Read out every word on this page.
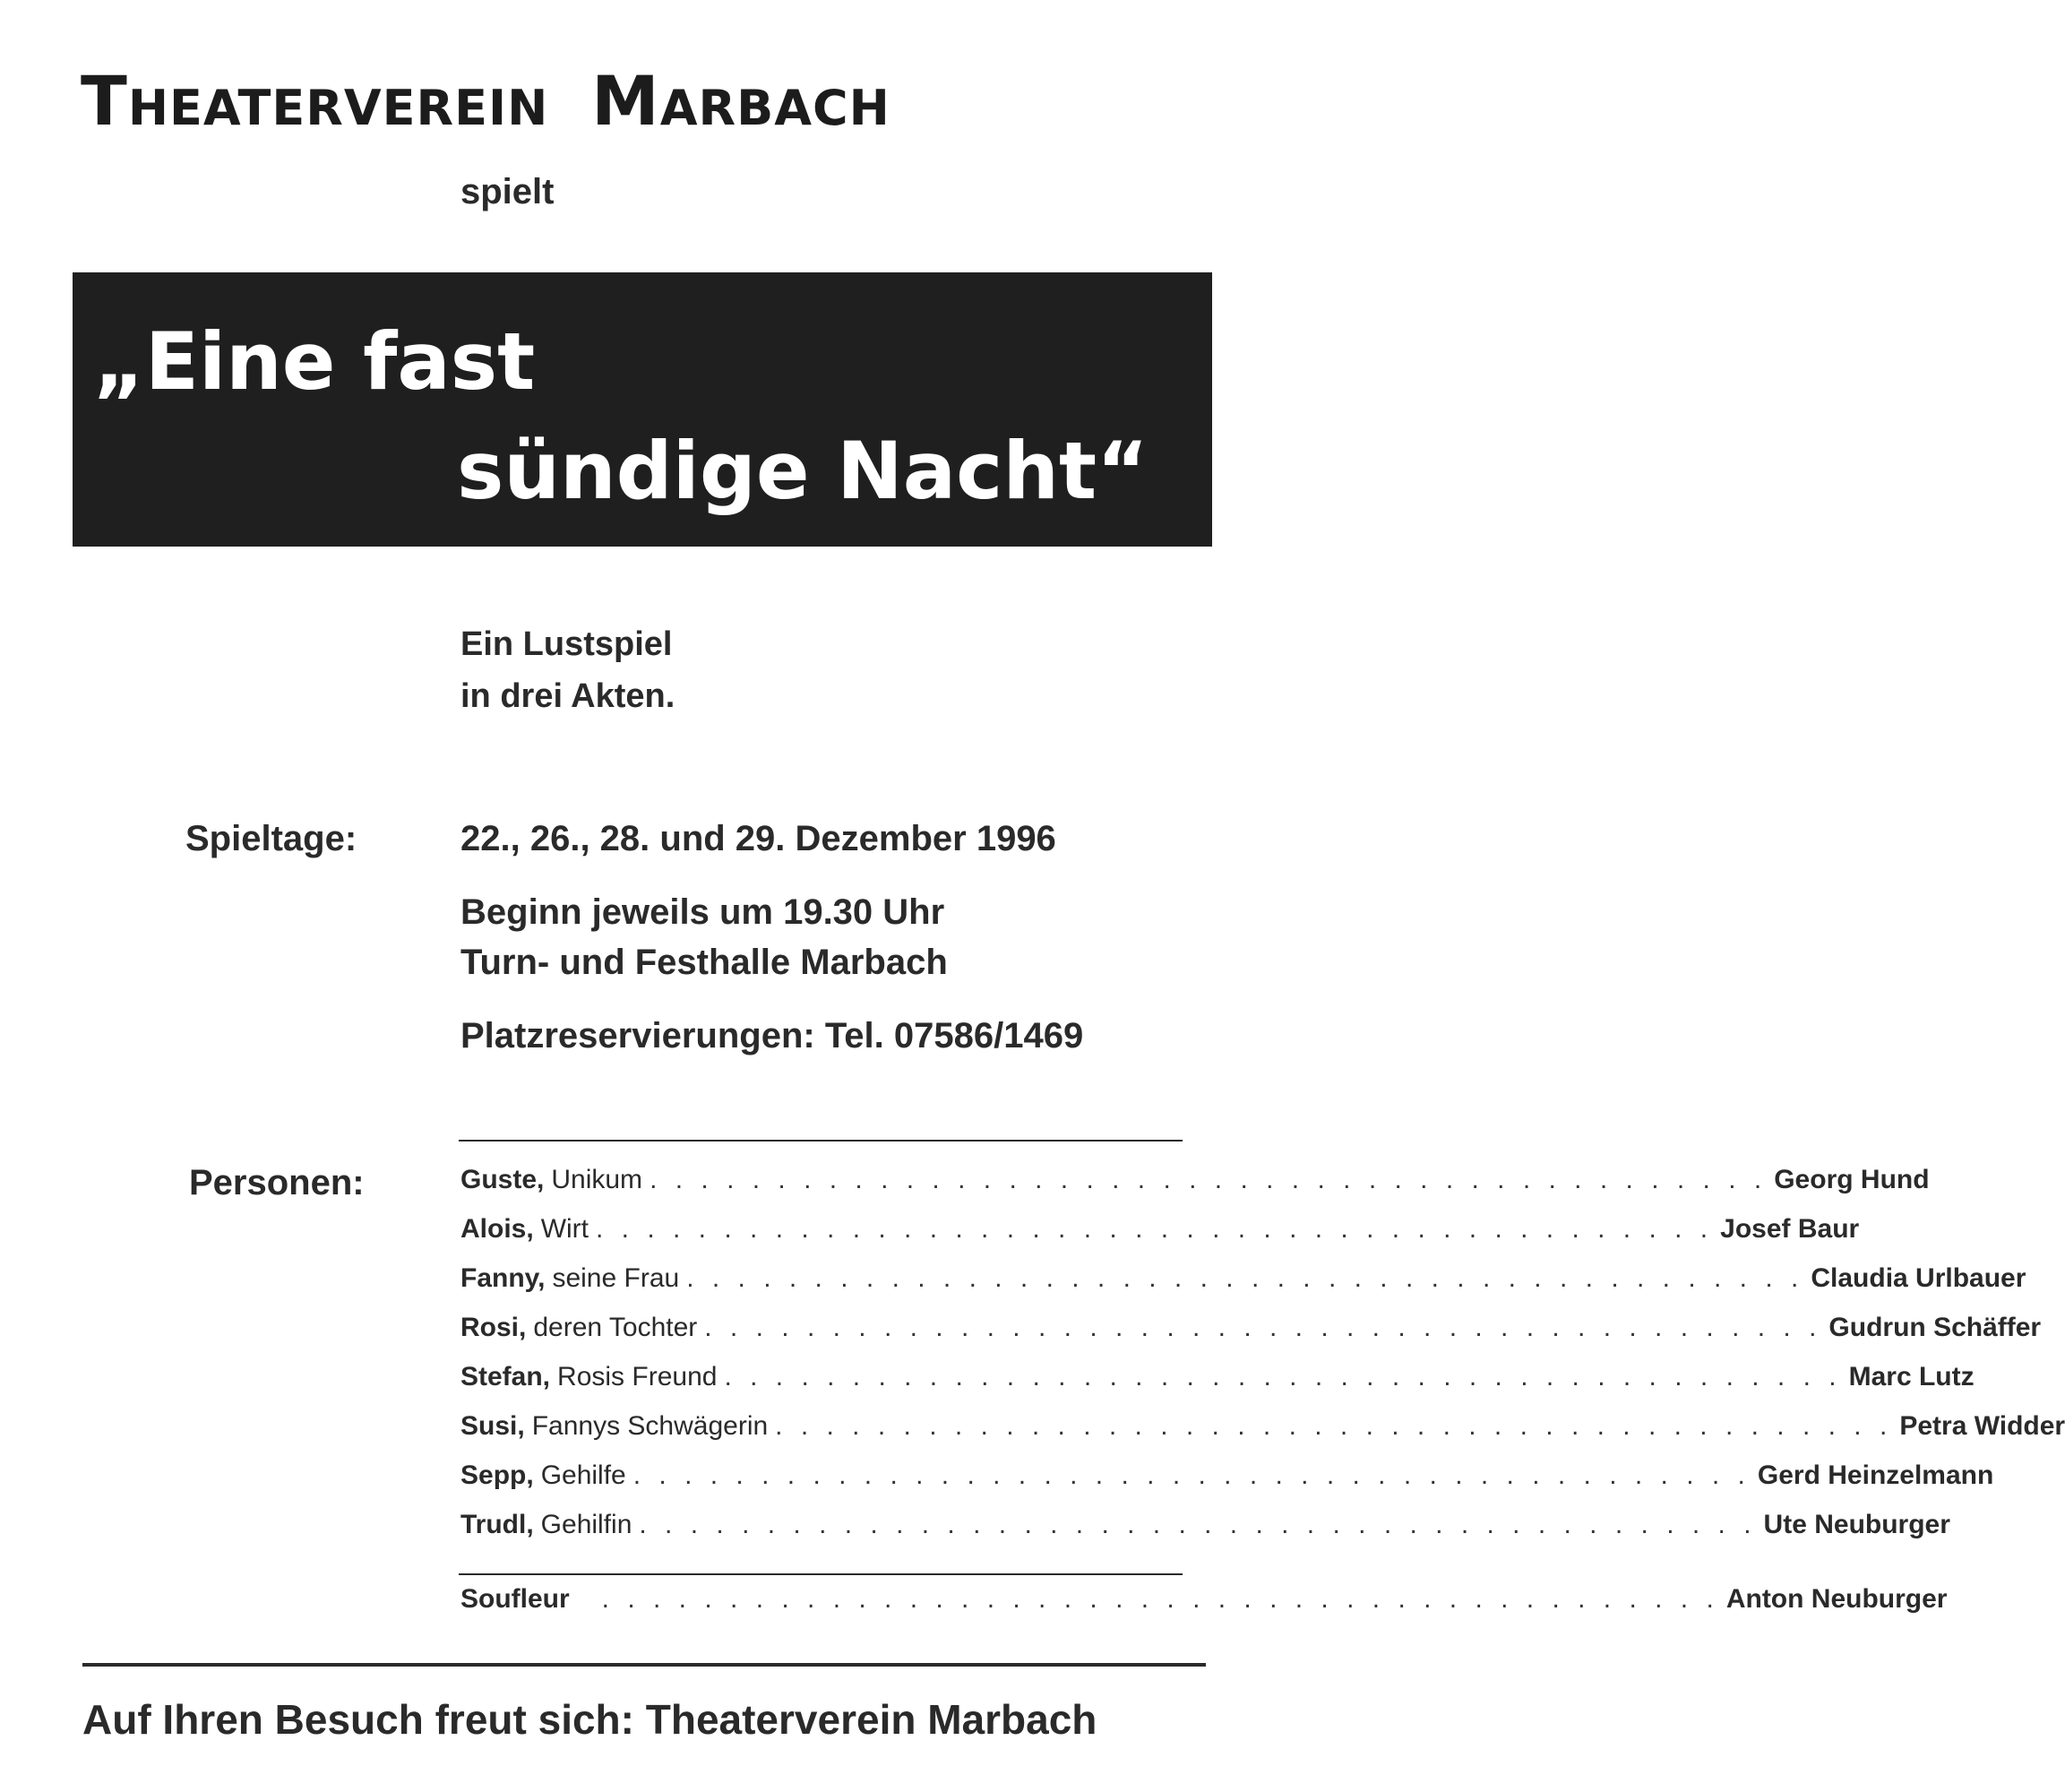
THEATERVEREIN MARBACH
spielt
„Eine fast
sündige Nacht“
Ein Lustspiel
in drei Akten.
Spieltage:	22., 26., 28. und 29. Dezember 1996
Beginn jeweils um 19.30 Uhr
Turn- und Festhalle Marbach
Platzreservierungen: Tel. 07586/1469
Personen:	Guste, Unikum . . . . . . . . . . . . . . . . . . . . . . . . . . . . . . . . . . . . . . . . . . . . Georg Hund
Alois, Wirt . . . . . . . . . . . . . . . . . . . . . . . . . . . . . . . . . . . . . . . . . . . . Josef Baur
Fanny, seine Frau . . . . . . . . . . . . . . . . . . . . . . . . . . . . . . . . . . . . . . . . . . . . Claudia Urlbauer
Rosi, deren Tochter . . . . . . . . . . . . . . . . . . . . . . . . . . . . . . . . . . . . . . . . . . . . Gudrun Schäffer
Stefan, Rosis Freund . . . . . . . . . . . . . . . . . . . . . . . . . . . . . . . . . . . . . . . . . . . . Marc Lutz
Susi, Fannys Schwägerin . . . . . . . . . . . . . . . . . . . . . . . . . . . . . . . . . . . . . . . . . . . . Petra Widder
Sepp, Gehilfe . . . . . . . . . . . . . . . . . . . . . . . . . . . . . . . . . . . . . . . . . . . . Gerd Heinzelmann
Trudl, Gehilfin . . . . . . . . . . . . . . . . . . . . . . . . . . . . . . . . . . . . . . . . . . . . Ute Neuburger
Soufleur . . . . . . . . . . . . . . . . . . . . . . . . . . . . . . . . . . . . . . . . . . . . Anton Neuburger
Auf Ihren Besuch freut sich: Theaterverein Marbach
